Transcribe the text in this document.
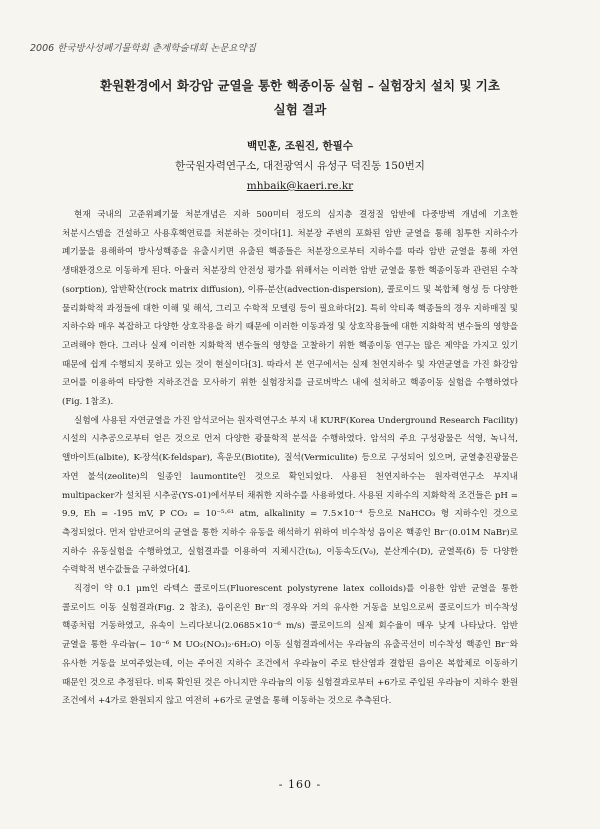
2006 한국방사성폐기물학회 춘계학술대회 논문요약집
환원환경에서 화강암 균열을 통한 핵종이동 실험 – 실험장치 설치 및 기초
실험 결과
백민훈, 조원진, 한필수
한국원자력연구소, 대전광역시 유성구 덕진동 150번지
mhbaik@kaeri.re.kr

현재 국내의 고준위폐기물 처분개념은 지하 500미터 정도의 심지층 결정질 암반에 다중방벽 개념에 기초한 처분시스템을 건설하고 사용후핵연료를 처분하는 것이다[1]. 처분장 주변의 포화된 암반 균열을 통해 침투한 지하수가 폐기물을 용해하여 방사성핵종을 유출시키면 유출된 핵종들은 처분장으로부터 지하수를 따라 암반 균열을 통해 자연 생태환경으로 이동하게 된다. 아울러 처분장의 안전성 평가를 위해서는 이러한 암반 균열을 통한 핵종이동과 관련된 수착(sorption), 암반확산(rock matrix diffusion), 이류-분산(advection-dispersion), 콜로이드 및 복합체 형성 등 다양한 물리화학적 과정들에 대한 이해 및 해석, 그리고 수학적 모델링 등이 필요하다[2]. 특히 악티족 핵종들의 경우 지하매질 및 지하수와 매우 복잡하고 다양한 상호작용을 하기 때문에 이러한 이동과정 및 상호작용들에 대한 지화학적 변수들의 영향을 고려해야 한다. 그러나 실제 이러한 지화학적 변수들의 영향을 고찰하기 위한 핵종이동 연구는 많은 제약을 가지고 있기 때문에 쉽게 수행되지 못하고 있는 것이 현실이다[3]. 따라서 본 연구에서는 실제 천연지하수 및 자연균열을 가진 화강암 코어를 이용하여 타당한 지하조건을 모사하기 위한 실험장치를 글로버박스 내에 설치하고 핵종이동 실험을 수행하였다 (Fig. 1참조).

실험에 사용된 자연균열을 가진 암석코어는 원자력연구소 부지 내 KURF(Korea Underground Research Facility) 시설의 시추공으로부터 얻은 것으로 먼저 다양한 광물학적 분석을 수행하였다. 암석의 주요 구성광물은 석영, 녹니석, 앨바이트(albite), K-장석(K-feldspar), 흑운모(Biotite), 질석(Vermiculite) 등으로 구성되어 있으며, 균열충진광물은 자연 불석(zeolite)의 일종인 laumontite인 것으로 확인되었다. 사용된 천연지하수는 원자력연구소 부지내 multipacker가 설치된 시추공(YS-01)에서부터 채취한 지하수를 사용하였다. 사용된 지하수의 지화학적 조건들은 pH = 9.9, Eh = -195 mV, P CO₂ = 10⁻⁵·⁶¹ atm, alkalinity = 7.5×10⁻⁴ 등으로 NaHCO₃ 형 지하수인 것으로 측정되었다. 먼저 암반코어의 균열을 통한 지하수 유동을 해석하기 위하여 비수착성 음이온 핵종인 Br⁻(0.01M NaBr)로 지하수 유동실험을 수행하였고, 실험결과를 이용하여 지체시간(t₀), 이동속도(V₀), 분산계수(D), 균열폭(δ) 등 다양한 수력학적 변수값들을 구하였다[4].

직경이 약 0.1 μm인 라텍스 콜로이드(Fluorescent polystyrene latex colloids)를 이용한 암반 균열을 통한 콜로이드 이동 실험결과(Fig. 2 참조), 음이온인 Br⁻의 경우와 거의 유사한 거동을 보임으로써 콜로이드가 비수착성 핵종처럼 거동하였고, 유속이 느리다보니(2.0685×10⁻⁶ m/s) 콜로이드의 실제 회수율이 매우 낮게 나타났다. 암반 균열을 통한 우라늄(~ 10⁻⁶ M UO₂(NO₃)₂·6H₂O) 이동 실험결과에서는 우라늄의 유출곡선이 비수착성 핵종인 Br⁻와 유사한 거동을 보여주었는데, 이는 주어진 지하수 조건에서 우라늄이 주로 탄산염과 결합된 음이온 복합체로 이동하기 때문인 것으로 추정된다. 비록 확인된 것은 아니지만 우라늄의 이동 실험결과로부터 +6가로 주입된 우라늄이 지하수 환원 조건에서 +4가로 환원되지 않고 여전히 +6가로 균열을 통해 이동하는 것으로 추측된다.

- 160 -
